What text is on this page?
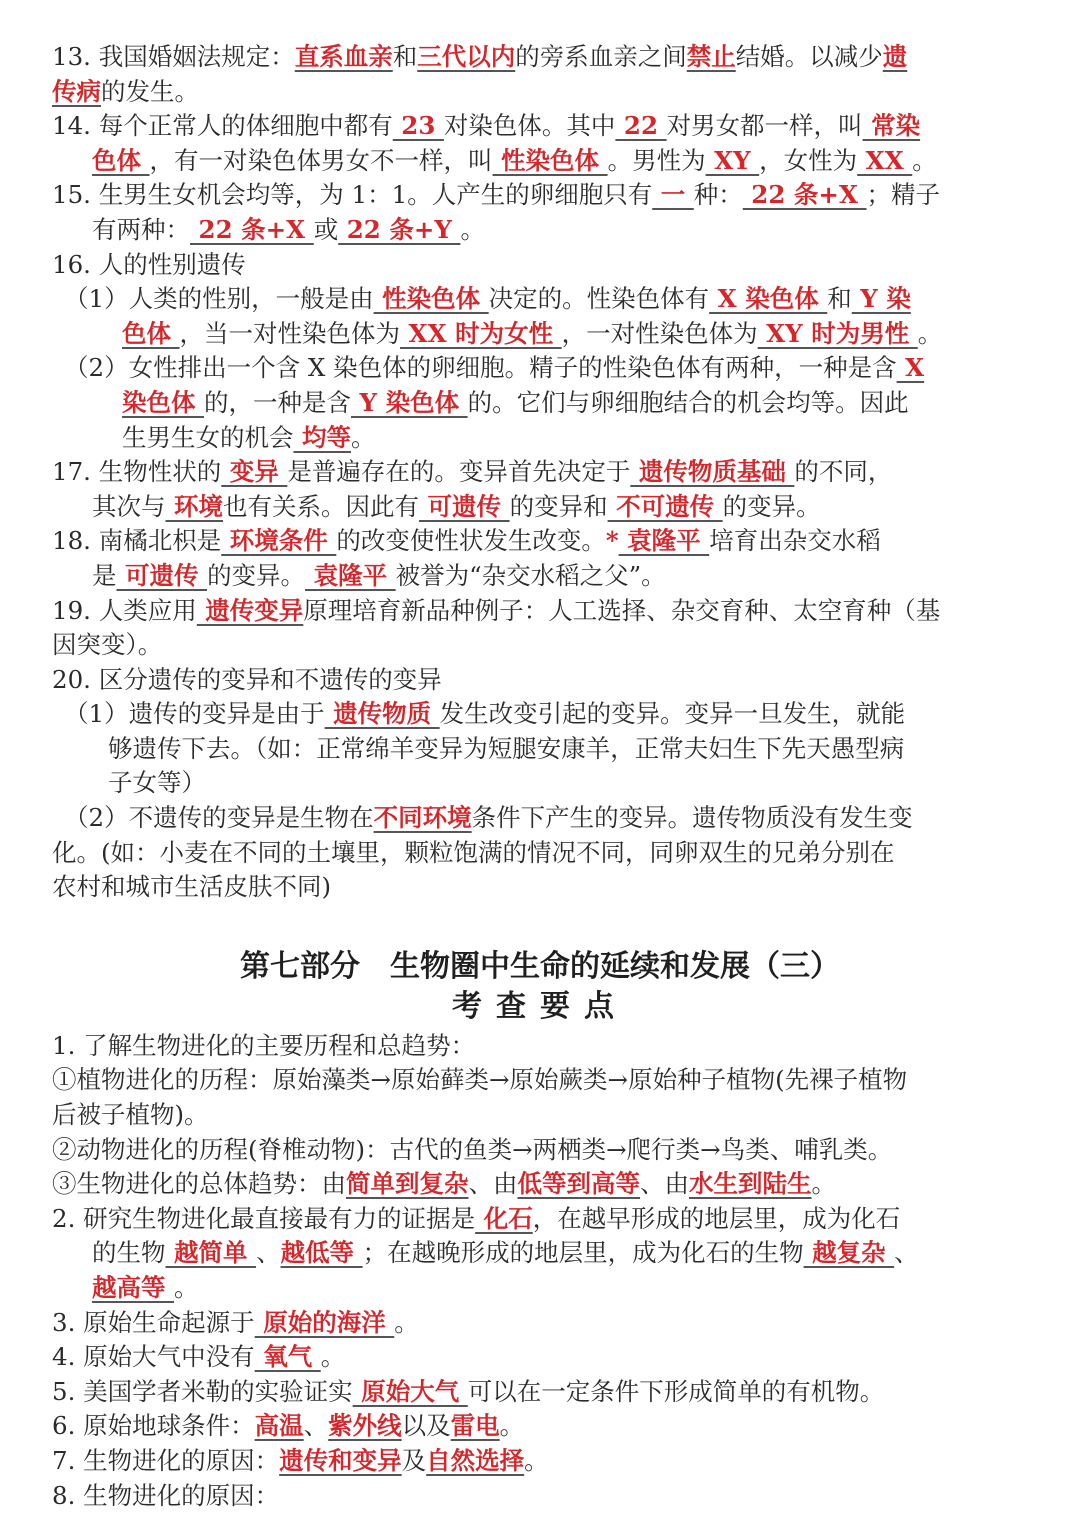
13. 我国婚姻法规定：直系血亲和三代以内的旁系血亲之间禁止结婚。以减少遗
传病的发生。
14. 每个正常人的体细胞中都有 23 对染色体。其中 22 对男女都一样，叫 常染
色体 ，有一对染色体男女不一样，叫 性染色体 。男性为 XY ，女性为 XX 。
15. 生男生女机会均等，为 1：1。人产生的卵细胞只有 一 种： 22 条+X ；精子
有两种： 22 条+X 或 22 条+Y 。
16. 人的性别遗传
（1）人类的性别，一般是由 性染色体 决定的。性染色体有 X 染色体 和 Y 染
色体 ，当一对性染色体为 XX 时为女性 ，一对性染色体为 XY 时为男性 。
（2）女性排出一个含 X 染色体的卵细胞。精子的性染色体有两种，一种是含 X
染色体 的，一种是含 Y 染色体 的。它们与卵细胞结合的机会均等。因此
生男生女的机会 均等。
17. 生物性状的 变异 是普遍存在的。变异首先决定于 遗传物质基础 的不同，
其次与 环境也有关系。因此有 可遗传 的变异和 不可遗传 的变异。
18. 南橘北枳是 环境条件 的改变使性状发生改变。* 袁隆平 培育出杂交水稻
是 可遗传 的变异。 袁隆平 被誉为“杂交水稻之父”。
19. 人类应用 遗传变异原理培育新品种例子：人工选择、杂交育种、太空育种（基
因突变）。
20. 区分遗传的变异和不遗传的变异
（1）遗传的变异是由于 遗传物质 发生改变引起的变异。变异一旦发生，就能
够遗传下去。（如：正常绵羊变异为短腿安康羊，正常夫妇生下先天愚型病
子女等）
（2）不遗传的变异是生物在不同环境条件下产生的变异。遗传物质没有发生变
化。(如：小麦在不同的土壤里，颗粒饱满的情况不同，同卵双生的兄弟分别在
农村和城市生活皮肤不同)
第七部分　生物圈中生命的延续和发展（三）
考查要点
1. 了解生物进化的主要历程和总趋势：
①植物进化的历程：原始藻类→原始藓类→原始蕨类→原始种子植物(先裸子植物
后被子植物)。
②动物进化的历程(脊椎动物)：古代的鱼类→两栖类→爬行类→鸟类、哺乳类。
③生物进化的总体趋势：由简单到复杂、由低等到高等、由水生到陆生。
2. 研究生物进化最直接最有力的证据是 化石，在越早形成的地层里，成为化石
的生物 越简单 、越低等 ；在越晚形成的地层里，成为化石的生物 越复杂 、
越高等 。
3. 原始生命起源于 原始的海洋 。
4. 原始大气中没有 氧气 。
5. 美国学者米勒的实验证实 原始大气 可以在一定条件下形成简单的有机物。
6. 原始地球条件：高温、紫外线以及雷电。
7. 生物进化的原因：遗传和变异及自然选择。
8. 生物进化的原因：
